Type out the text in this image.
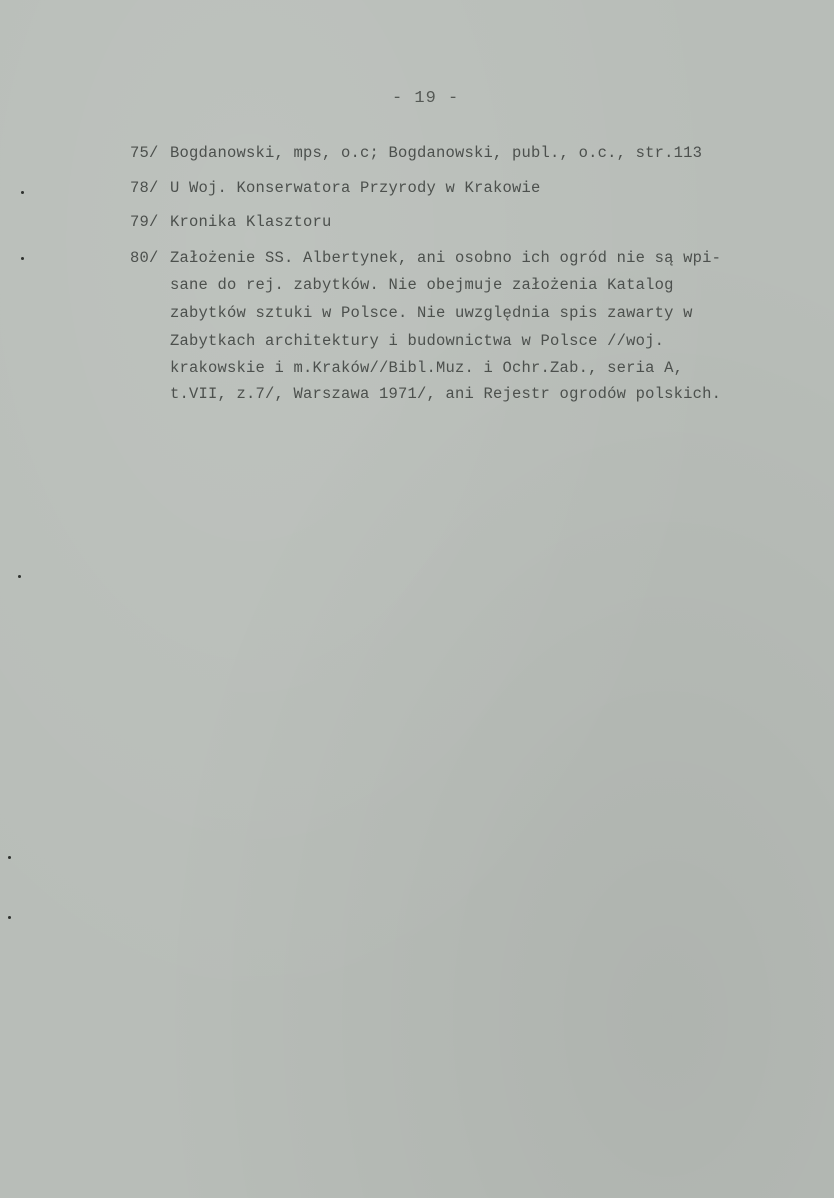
- 19 -
75/ Bogdanowski, mps, o.c; Bogdanowski, publ., o.c., str.113
78/ U Woj. Konserwatora Przyrody w Krakowie
79/ Kronika Klasztoru
80/ Założenie SS. Albertynek, ani osobno ich ogród nie są wpi-
sane do rej. zabytków. Nie obejmuje założenia Katalog
zabytków sztuki w Polsce. Nie uwzględnia spis zawarty w
Zabytkach architektury i budownictwa w Polsce //woj.
krakowskie i m.Kraków//Bibl.Muz. i Ochr.Zab., seria A,
t.VII, z.7/, Warszawa 1971/, ani Rejestr ogrodów polskich.
